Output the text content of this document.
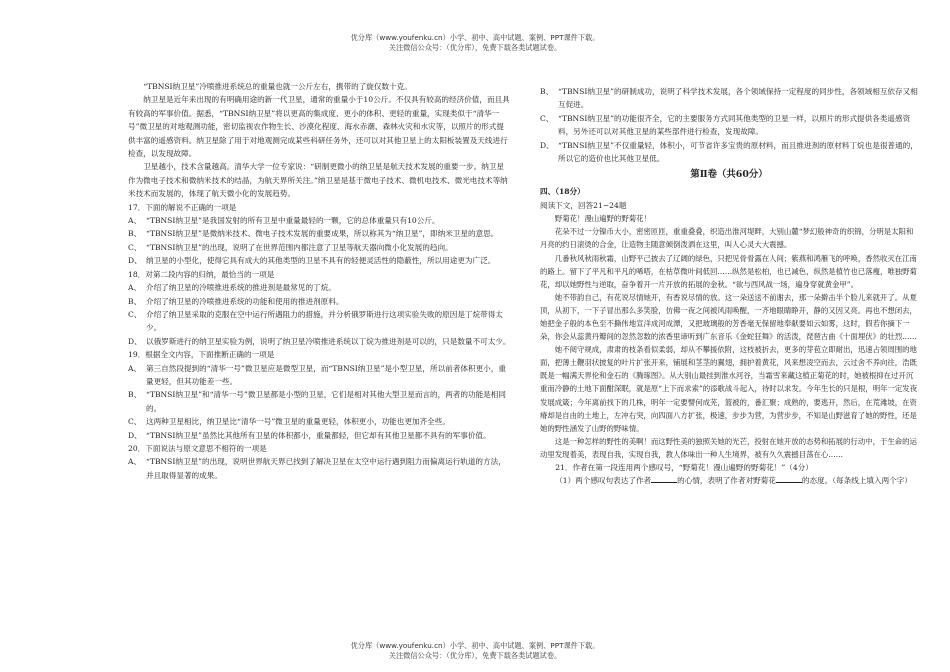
优分库（www.youfenku.cn）小学、初中、高中试题、案例、PPT课件下载。
关注微信公众号：（优分库），免费下载各类试题试卷。

“TBNSI纳卫星”冷喷推进系统总的重量也就一公斤左右，携带的了旋仅数十克。

纳卫星是近年来出现的有明确用途的新一代卫星，通常的重量小于10公斤。不仅具有较高的经济价值，而且具有较高的军事价值。据悉，“TBNSI纳卫星”将以更高的集成度、更小的体积、更轻的重量，实现类似于“清华一号”微卫星的对地观测功能，密切监视农作物生长、沙漠化程度、海水赤潮、森林火灾和水灾等，以照片的形式提供丰富的遥感资料。纳卫星除了用于对地观测完成某些科研任务外，还可以对其他卫星上的太阳板装置及天线进行检查，以发现故障。

卫星越小，技术含量越高。清华大学一位专家说：“研制更微小的纳卫星是航天技术发展的重要一步。纳卫星作为微电子技术和微纳米技术的结晶，为航天界所关注。”纳卫星是基于微电子技术、微机电技术、微光电技术等纳米技术而发展的，体现了航天微小化的发展趋势。

17．下面的解说不正确的一项是

A、 “TBNSI纳卫星”是我国发射的所有卫星中重量最轻的一颗，它的总体重量只有10公斤。

B、 “TBNSI纳卫星”是微纳米技术、微电子技术发展的重要成果，所以称其为“纳卫星”，即纳米卫星的意思。

C、 “TBNSI纳卫星”的出现，说明了在世界范围内都注意了卫星等航天器向微小化发展的趋向。

D、 纳卫星的小型化，使得它具有成大的其他类型的卫星不具有的轻便灵活性的隐蔽性，所以用途更为广泛。

18．对第二段内容的归纳，最恰当的一项是

A、 介绍了纳卫星的冷喷推进系统的推进剂是最常见的丁烷。

B、 介绍了纳卫星的冷喷推进系统的功能和使用的推进剂原料。

C、 介绍了纳卫星采取的克服在空中运行所遇阻力的措施，并分析俄罗斯进行这项实验失败的原因是丁烷带得太少。

D、 以俄罗斯进行的纳卫星实验为例，说明了纳卫星冷喷推进系统以丁烷为推进剂是可以的，只是数量不可太少。

19．根据全文内容，下面推断正确的一项是

A、 第三自然段提到的“清华一号”微卫星应是微型卫星，而“TBNSI纳卫星”是小型卫星，所以前者体积更小，重量更轻，但其功能差一些。

B、 “TBNSI纳卫星”和“清华一号”微卫星都是小型的卫星，它们是相对其他大型卫星而言的，两者的功能是相同的。

C、 这两种卫星相比，纳卫星比“清华一号”微卫星的重量更轻，体积更小，功能也更加齐全些。

D、 “TBNSI纳卫星”虽然比其他所有卫星的体积都小，重量都轻，但它却有其他卫星都不具有的军事价值。

20．下面说法与原文意思不相符的一项是

A、 “TBNSI纳卫星”的出现，说明世界航天界已找到了解决卫星在太空中运行遇到阻力而偏离运行轨道的方法，并且取得显著的成果。

B、 “TBNSI纳卫星”的研制成功，说明了科学技术发展，各个领域保持一定程度的同步性，各领域相互依存又相互促进。

C、 “TBNSI纳卫星”的功能很齐全，它的主要服务方式同其他类型的卫星一样，以照片的形式提供各类遥感资料，另外还可以对其他卫星的某些部件进行检查，发现故障。

D、 “TBNSI纳卫星”不仅重量轻，体积小，可节省许多宝贵的原材料，而且推进剂的原材料丁烷也是很普通的，所以它的造价也比其他卫星低。

第Ⅱ卷（共60分）

四、（18分）

阅读下文，回答21~24题

野菊花！漫山遍野的野菊花！

花朵不过一分镍币大小，密密匝匝，重重叠叠，织造出淮河堤畔，大别山麓“梦幻般神奇的织锦，分明是太阳和月亮的约日滚烫的合金，让造物主随意倾倒泼洒在这里，叫人心灵大大震撼。

几番秋风秋雨秋霜，山野平己披去了辽阔的绿色，只把见骨骨露在人间；紫燕和鸿雁飞的呼唤，香然收灭在江南的路上。留下了平凡和平凡的唏嗒，在枯草微叶间低回……纵然是松柏，也已减色，纵然是植竹也已落瘦，唯独野菊花，却以她野性与逆取，奋争着开一片开放的拓展的金秋。“欲与西风战一场，遍身穿就黄金甲”。

她不带韵自己，有花说尽情她开，有香说尽情的放。这一朵送送不前谢去，那一朵擀击半个脸儿来就开了。从夏顶，从初下，一下子冒出那么多笑脸，仿佛一夜之间被风雨唤醒，一齐地眼睛睁开，静的又因又亮。再也不想闭去，她把金子般的本色至不撕伟地宣洋成河成潭，又把玻璃般的芳香毫无保留地奉献要如云如雾，这时，假若你摘下一朵，你会从蕊黄丹瓣间的忽然忽数的浓香里谛听到广东音乐《金蛇狂舞》的活泼，琵琶古曲《十面埋伏》的壮烈……

她不阅守规成，肃肃的枝条看似柔弱，却从不攀援依附，这枝被折去，更多的芽苞立即耐出，迅速占领周围的地面，把薄土鞭羽状披复的叶片扩张开来，铺展和茎茎的翼翅，拥护着黄花，风来想凌空而去，云过舍不养向往，浩既既是一幅满天界伦和金石的《腾琢图》。从大别山最挂到淮水河谷，当霜雪来藏这植正菊花的时，她被根抑在过开沉重而冷静的土地下面酣深眠，就是原“上下而求索”的添歌战斗起入，待时以求发。今年生长的只是根，明年一定发夜发展成箴；今年离前找下的几株，明年一定要譬何成芜，篮被的，番汇聚；成熟的，要逃开，然后，在荒滩坡，在资瘠却是自由的土地上，左冲右突，向四面八方扩张，极速，步步为营，为营步步，不知是山野滋育了她的野性，还是她的野性涵发了山野的野味情。

这是一种怎样的野性的美啊！而这野性美的独照关她的光芒，投射在她开放的态势和拓展的行动中，于生命的运动里发现着美，表现自我，实现自我，教人体味出一种人生境界，被有久久震撼目荡在心……

21．作者在第一段连用两个感叹号，“野菊花！漫山遍野的野菊花！”（4分）

（1）两个感叹句表达了作者	的心情，表明了作者对野菊花	的态度。（每条线上填入两个字）

优分库（www.youfenku.cn）小学、初中、高中试题、案例、PPT课件下载。
关注微信公众号：（优分库），免费下载各类试题试卷。
